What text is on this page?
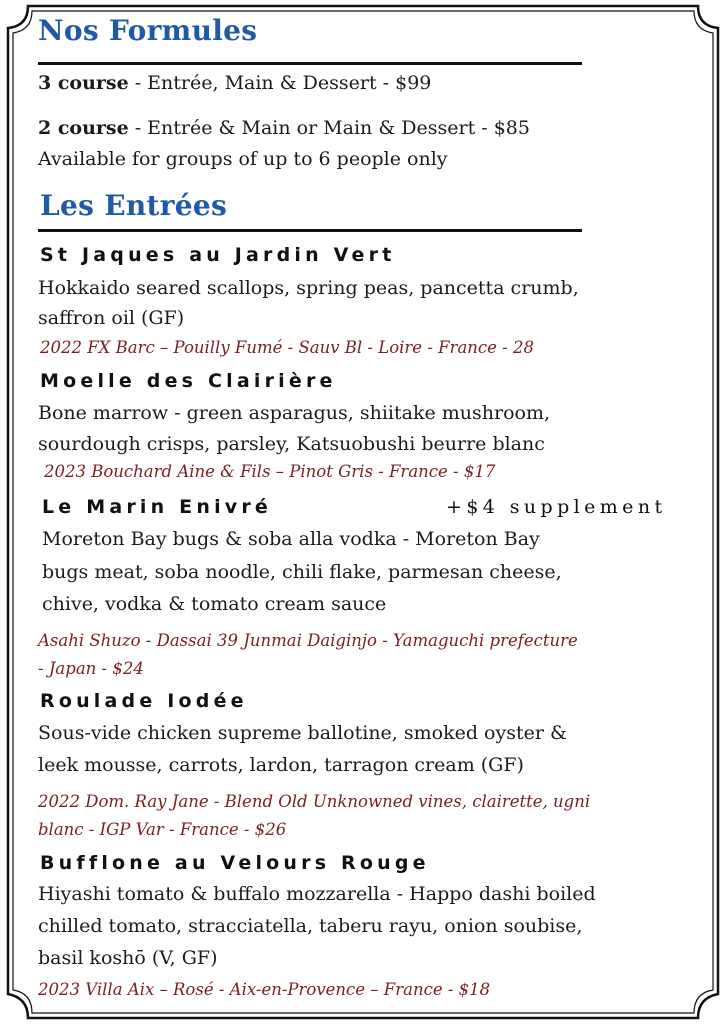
Nos Formules
3 course - Entrée, Main & Dessert - $99
2 course - Entrée & Main or Main & Dessert - $85
Available for groups of up to 6 people only
Les Entrées
St Jaques au Jardin Vert
Hokkaido seared scallops, spring peas, pancetta crumb,
saffron oil (GF)
2022 FX Barc – Pouilly Fumé - Sauv Bl - Loire - France - 28
Moelle des Clairière
Bone marrow - green asparagus, shiitake mushroom,
sourdough crisps, parsley, Katsuobushi beurre blanc
2023 Bouchard Aine & Fils – Pinot Gris - France - $17
Le Marin Enivré	+$4 supplement
Moreton Bay bugs & soba alla vodka - Moreton Bay
bugs meat, soba noodle, chili flake, parmesan cheese,
chive, vodka & tomato cream sauce
Asahi Shuzo - Dassai 39 Junmai Daiginjo - Yamaguchi prefecture
- Japan - $24
Roulade Iodée
Sous-vide chicken supreme ballotine, smoked oyster &
leek mousse, carrots, lardon, tarragon cream (GF)
2022 Dom. Ray Jane - Blend Old Unknowned vines, clairette, ugni
blanc - IGP Var - France - $26
Bufflone au Velours Rouge
Hiyashi tomato & buffalo mozzarella - Happo dashi boiled
chilled tomato, stracciatella, taberu rayu, onion soubise,
basil koshō (V, GF)
2023 Villa Aix – Rosé - Aix-en-Provence – France - $18
